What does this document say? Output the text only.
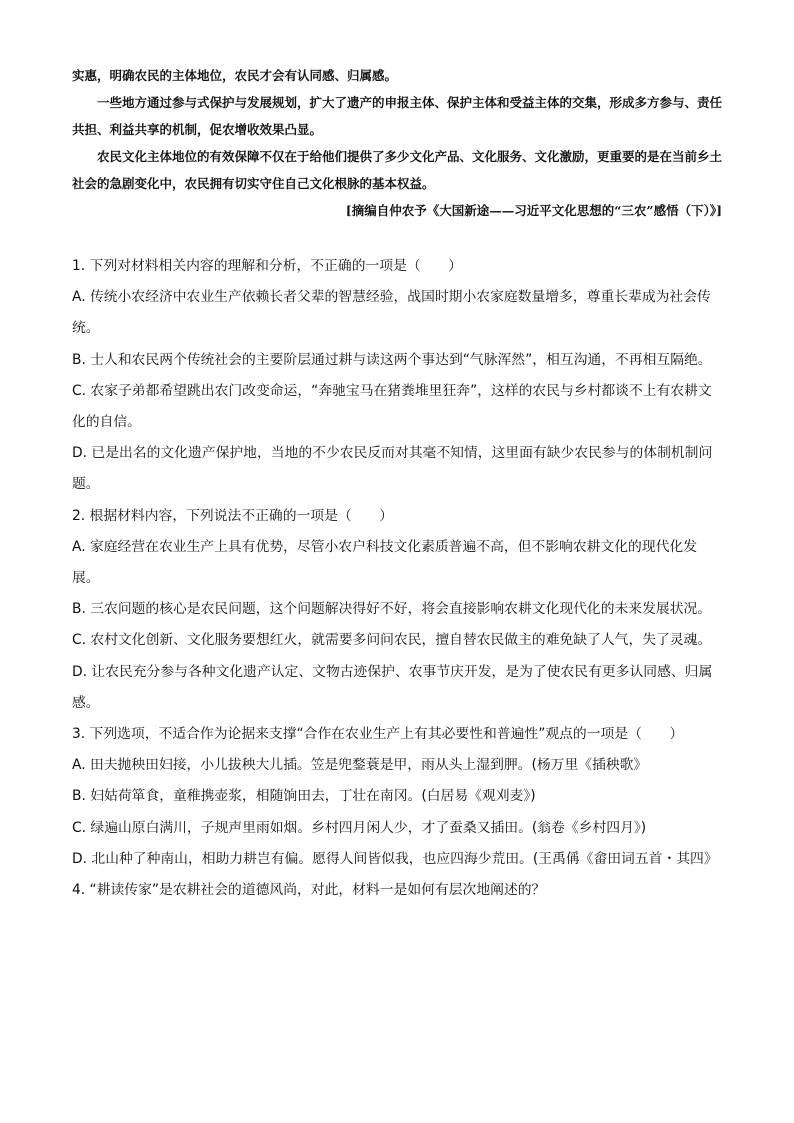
实惠，明确农民的主体地位，农民才会有认同感、归属感。

一些地方通过参与式保护与发展规划，扩大了遗产的申报主体、保护主体和受益主体的交集，形成多方参与、责任共担、利益共享的机制，促农增收效果凸显。

农民文化主体地位的有效保障不仅在于给他们提供了多少文化产品、文化服务、文化激励，更重要的是在当前乡土社会的急剧变化中，农民拥有切实守住自己文化根脉的基本权益。

[摘编自仲农予《大国新途——习近平文化思想的“三农”感悟（下）》]

1. 下列对材料相关内容的理解和分析，不正确的一项是（　　）

A. 传统小农经济中农业生产依赖长者父辈的智慧经验，战国时期小农家庭数量增多，尊重长辈成为社会传统。

B. 士人和农民两个传统社会的主要阶层通过耕与读这两个事达到“气脉浑然”，相互沟通，不再相互隔绝。

C. 农家子弟都希望跳出农门改变命运，“奔驰宝马在猪粪堆里狂奔”，这样的农民与乡村都谈不上有农耕文化的自信。

D. 已是出名的文化遗产保护地，当地的不少农民反而对其毫不知情，这里面有缺少农民参与的体制机制问题。

2. 根据材料内容，下列说法不正确的一项是（　　）

A. 家庭经营在农业生产上具有优势，尽管小农户科技文化素质普遍不高，但不影响农耕文化的现代化发展。

B. 三农问题的核心是农民问题，这个问题解决得好不好，将会直接影响农耕文化现代化的未来发展状况。

C. 农村文化创新、文化服务要想红火，就需要多问问农民，擅自替农民做主的难免缺了人气，失了灵魂。

D. 让农民充分参与各种文化遗产认定、文物古迹保护、农事节庆开发，是为了使农民有更多认同感、归属感。

3. 下列选项，不适合作为论据来支撑“合作在农业生产上有其必要性和普遍性”观点的一项是（　　）

A. 田夫抛秧田妇接，小儿拔秧大儿插。笠是兜鍪蓑是甲，雨从头上湿到胛。(杨万里《插秧歌》

B. 妇姑荷箪食，童稚携壶浆，相随饷田去，丁壮在南冈。(白居易《观刈麦》)

C. 绿遍山原白满川，子规声里雨如烟。乡村四月闲人少，才了蚕桑又插田。(翁卷《乡村四月》)

D. 北山种了种南山，相助力耕岂有偏。愿得人间皆似我，也应四海少荒田。(王禹偁《畲田词五首・其四》

4. “耕读传家”是农耕社会的道德风尚，对此，材料一是如何有层次地阐述的？
